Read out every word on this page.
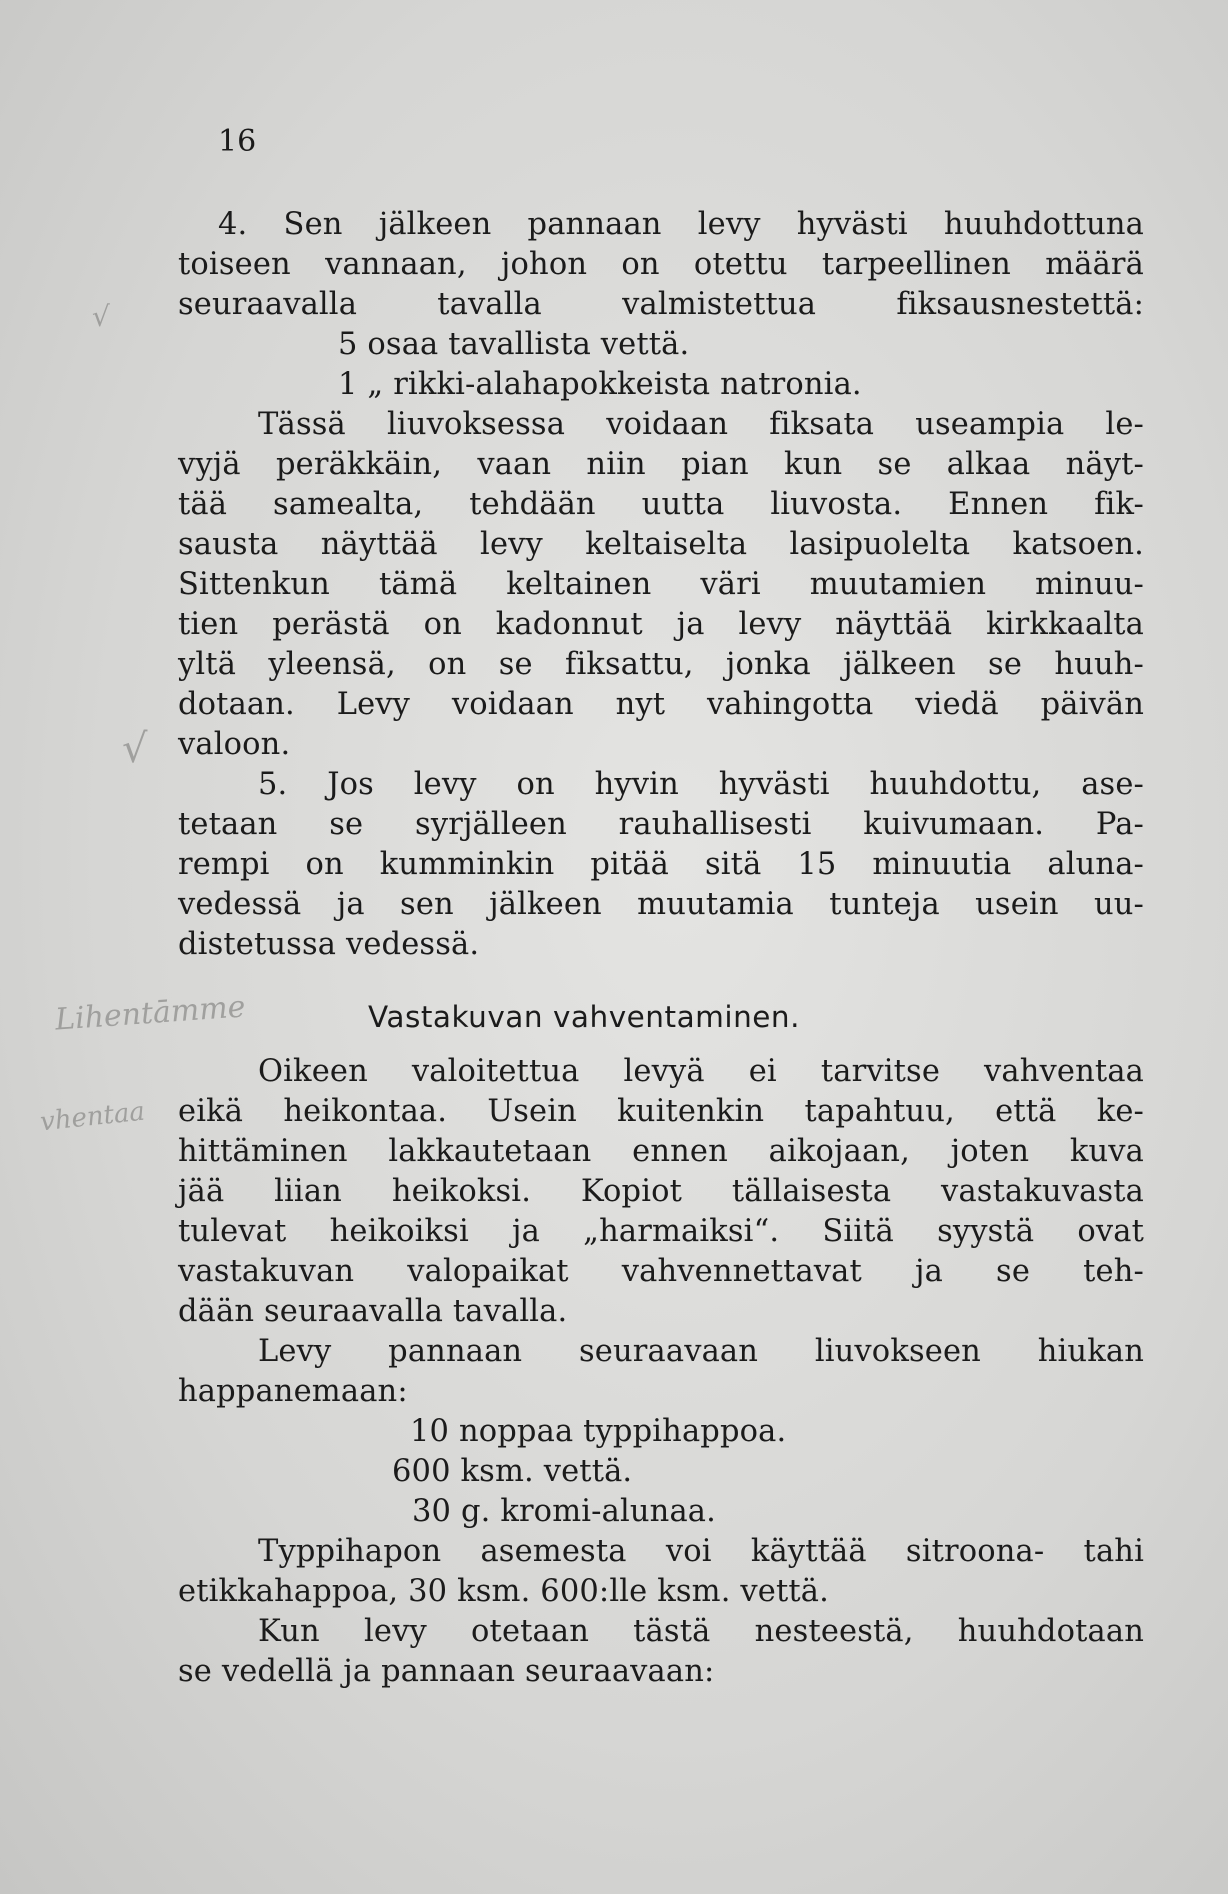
16
4. Sen jälkeen pannaan levy hyvästi huuhdottuna
toiseen vannaan, johon on otettu tarpeellinen määrä
seuraavalla tavalla valmistettua fiksausnestettä:
5 osaa tavallista vettä.
1 „ rikki-alahapokkeista natronia.
Tässä liuvoksessa voidaan fiksata useampia le-
vyjä peräkkäin, vaan niin pian kun se alkaa näyt-
tää samealta, tehdään uutta liuvosta. Ennen fik-
sausta näyttää levy keltaiselta lasipuolelta katsoen.
Sittenkun tämä keltainen väri muutamien minuu-
tien perästä on kadonnut ja levy näyttää kirkkaalta
yltä yleensä, on se fiksattu, jonka jälkeen se huuh-
dotaan. Levy voidaan nyt vahingotta viedä päivän
valoon.
5. Jos levy on hyvin hyvästi huuhdottu, ase-
tetaan se syrjälleen rauhallisesti kuivumaan. Pa-
rempi on kumminkin pitää sitä 15 minuutia aluna-
vedessä ja sen jälkeen muutamia tunteja usein uu-
distetussa vedessä.
Vastakuvan vahventaminen.
Oikeen valoitettua levyä ei tarvitse vahventaa
eikä heikontaa. Usein kuitenkin tapahtuu, että ke-
hittäminen lakkautetaan ennen aikojaan, joten kuva
jää liian heikoksi. Kopiot tällaisesta vastakuvasta
tulevat heikoiksi ja „harmaiksi“. Siitä syystä ovat
vastakuvan valopaikat vahvennettavat ja se teh-
dään seuraavalla tavalla.
Levy pannaan seuraavaan liuvokseen hiukan
happanemaan:
10 noppaa typpihappoa.
600 ksm. vettä.
30 g. kromi-alunaa.
Typpihapon asemesta voi käyttää sitroona- tahi
etikkahappoa, 30 ksm. 600:lle ksm. vettä.
Kun levy otetaan tästä nesteestä, huuhdotaan
se vedellä ja pannaan seuraavaan:
√
√
Lihentāmme
vhentaa
